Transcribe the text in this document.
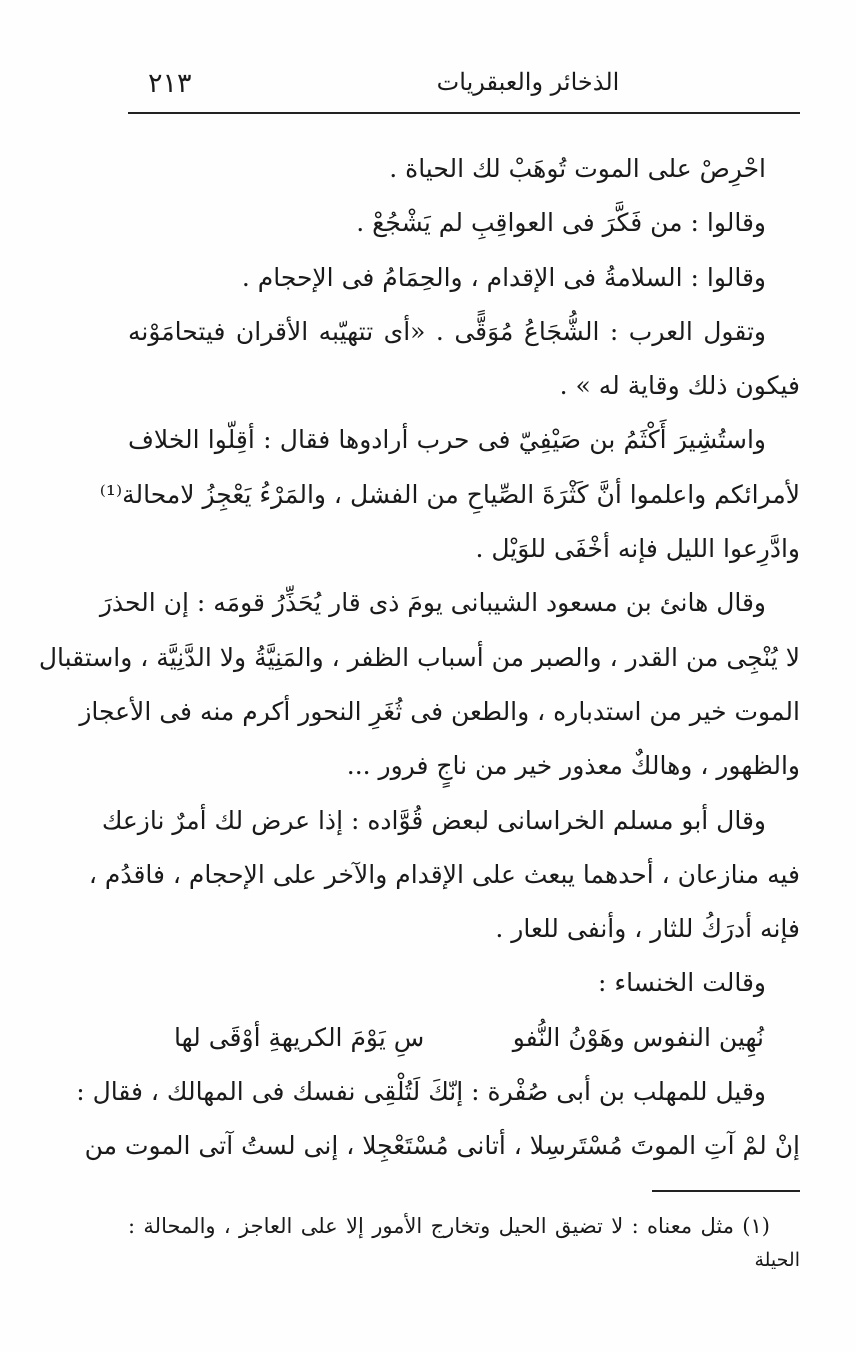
٢١٣	الذخائر والعبقريات
احْرِصْ على الموت تُوهَبْ لك الحياة .
وقالوا : من فَكَّرَ فى العواقِبِ لم يَشْجُعْ .
وقالوا : السلامةُ فى الإقدام ، والحِمَامُ فى الإحجام .
وتقول العرب : الشُّجَاعُ مُوَقًّى . «أى تتهيّبه الأقران فيتحامَوْنه
فيكون ذلك وقاية له » .
واستُشِيرَ أَكْثَمُ بن صَيْفِيّ فى حرب أرادوها فقال : أقِلّوا الخلاف
لأمرائكم واعلموا أنَّ كَثْرَةَ الصِّياحِ من الفشل ، والمَرْءُ يَعْجِزُ لامحالة⁽¹⁾
وادَّرِعوا الليل فإنه أخْفَى للوَيْل .
وقال هانئ بن مسعود الشيبانى يومَ ذى قار يُحَذِّرُ قومَه : إن الحذرَ
لا يُنْجِى من القدر ، والصبر من أسباب الظفر ، والمَنِيَّةُ ولا الدَّنِيَّة ، واستقبال
الموت خير من استدباره ، والطعن فى ثُغَرِ النحور أكرم منه فى الأعجاز
والظهور ، وهالكٌ معذور خير من ناجٍ فرور ...
وقال أبو مسلم الخراسانى لبعض قُوَّاده : إذا عرض لك أمرٌ نازعك
فيه منازعان ، أحدهما يبعث على الإقدام والآخر على الإحجام ، فاقدُم ،
فإنه أدرَكُ للثار ، وأنفى للعار .
وقالت الخنساء :
نُهِين النفوس وهَوْنُ النُّفو
سِ يَوْمَ الكريهةِ أوْقَى لها
وقيل للمهلب بن أبى صُفْرة : إنّكَ لَتُلْقِى نفسك فى المهالك ، فقال :
إنْ لمْ آتِ الموتَ مُسْتَرسِلا ، أتانى مُسْتَعْجِلا ، إنى لستُ آتى الموت من
(١) مثل معناه : لا تضيق الحيل وتخارج الأمور إلا على العاجز ، والمحالة :
الحيلة
